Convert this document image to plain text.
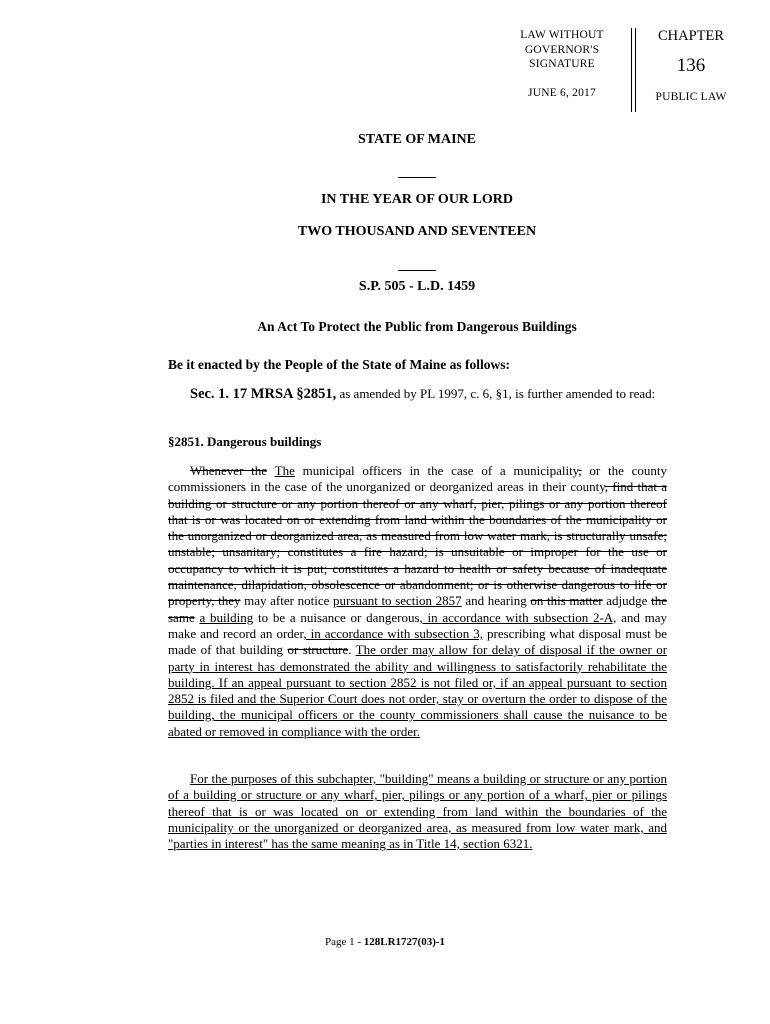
LAW WITHOUT
GOVERNOR'S
SIGNATURE
JUNE 6, 2017
CHAPTER
136
PUBLIC LAW
STATE OF MAINE
IN THE YEAR OF OUR LORD
TWO THOUSAND AND SEVENTEEN
S.P. 505 - L.D. 1459
An Act To Protect the Public from Dangerous Buildings
Be it enacted by the People of the State of Maine as follows:
Sec. 1. 17 MRSA §2851, as amended by PL 1997, c. 6, §1, is further amended to read:
§2851. Dangerous buildings
Whenever the The municipal officers in the case of a municipality, or the county commissioners in the case of the unorganized or deorganized areas in their county, find that a building or structure or any portion thereof or any wharf, pier, pilings or any portion thereof that is or was located on or extending from land within the boundaries of the municipality or the unorganized or deorganized area, as measured from low water mark, is structurally unsafe; unstable; unsanitary; constitutes a fire hazard; is unsuitable or improper for the use or occupancy to which it is put; constitutes a hazard to health or safety because of inadequate maintenance, dilapidation, obsolescence or abandonment; or is otherwise dangerous to life or property, they may after notice pursuant to section 2857 and hearing on this matter adjudge the same a building to be a nuisance or dangerous, in accordance with subsection 2-A, and may make and record an order, in accordance with subsection 3, prescribing what disposal must be made of that building or structure. The order may allow for delay of disposal if the owner or party in interest has demonstrated the ability and willingness to satisfactorily rehabilitate the building. If an appeal pursuant to section 2852 is not filed or, if an appeal pursuant to section 2852 is filed and the Superior Court does not order, stay or overturn the order to dispose of the building, the municipal officers or the county commissioners shall cause the nuisance to be abated or removed in compliance with the order.
For the purposes of this subchapter, "building" means a building or structure or any portion of a building or structure or any wharf, pier, pilings or any portion of a wharf, pier or pilings thereof that is or was located on or extending from land within the boundaries of the municipality or the unorganized or deorganized area, as measured from low water mark, and "parties in interest" has the same meaning as in Title 14, section 6321.
Page 1 - 128LR1727(03)-1
